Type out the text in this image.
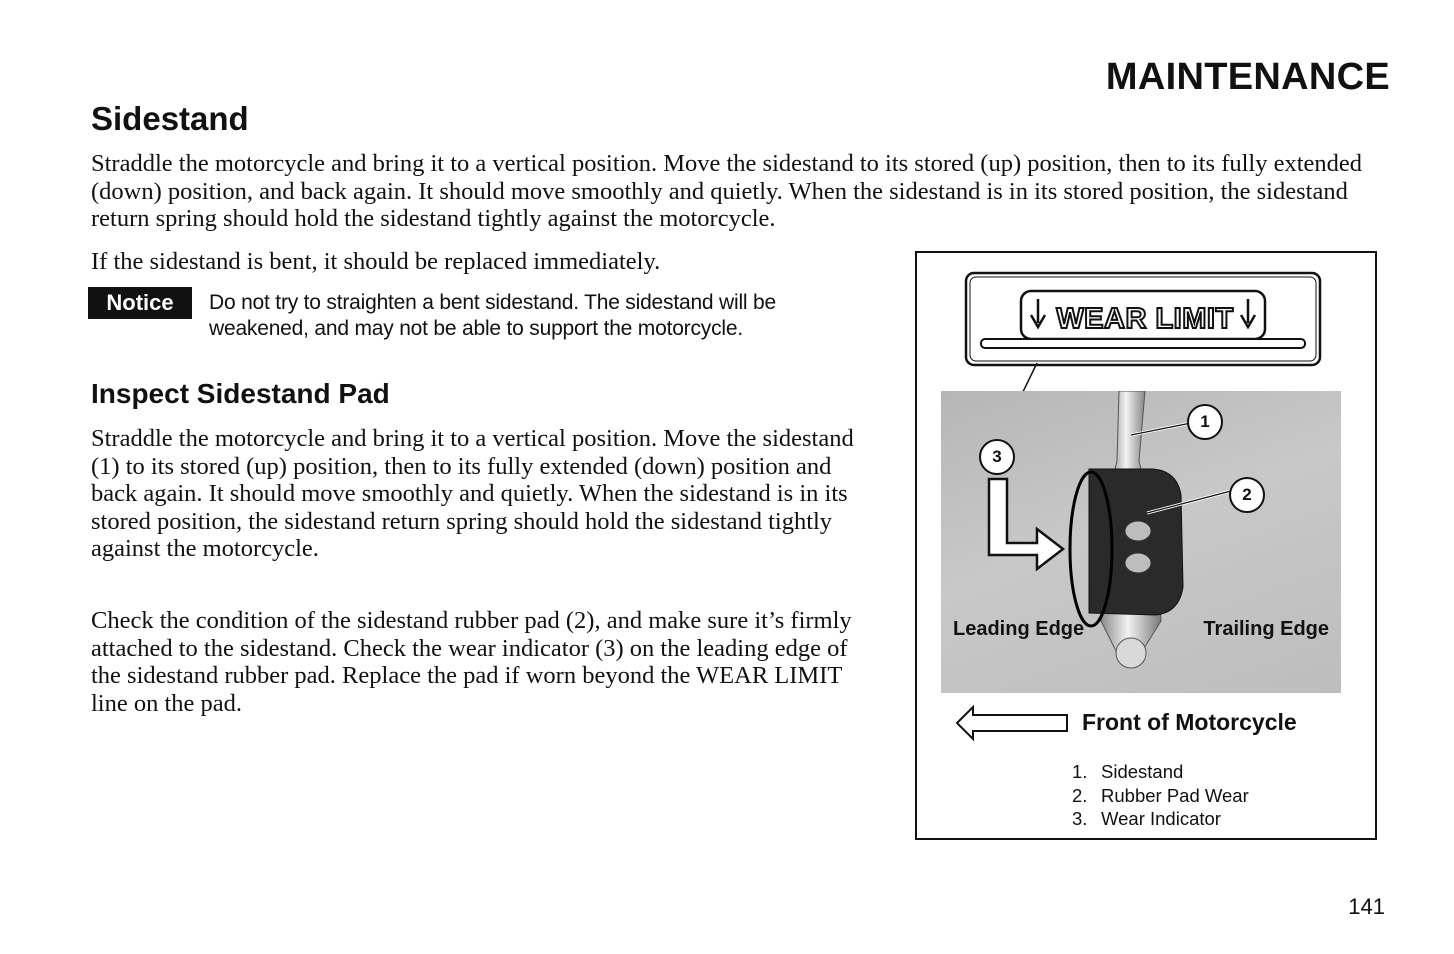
MAINTENANCE
Sidestand

Straddle the motorcycle and bring it to a vertical position. Move the sidestand to its stored (up) position, then to its fully extended (down) position, and back again. It should move smoothly and quietly. When the sidestand is in its stored position, the sidestand return spring should hold the sidestand tightly against the motorcycle.

If the sidestand is bent, it should be replaced immediately.

Notice	Do not try to straighten a bent sidestand. The sidestand will be weakened, and may not be able to support the motorcycle.
Inspect Sidestand Pad

Straddle the motorcycle and bring it to a vertical position. Move the sidestand (1) to its stored (up) position, then to its fully extended (down) position and back again. It should move smoothly and quietly. When the sidestand is in its stored position, the sidestand return spring should hold the sidestand tightly against the motorcycle.

Check the condition of the sidestand rubber pad (2), and make sure it’s firmly attached to the sidestand. Check the wear indicator (3) on the leading edge of the sidestand rubber pad. Replace the pad if worn beyond the WEAR LIMIT line on the pad.

WEAR LIMIT
Leading Edge	Trailing Edge
1
2
3
Front of Motorcycle
1. Sidestand
2. Rubber Pad Wear
3. Wear Indicator
141
